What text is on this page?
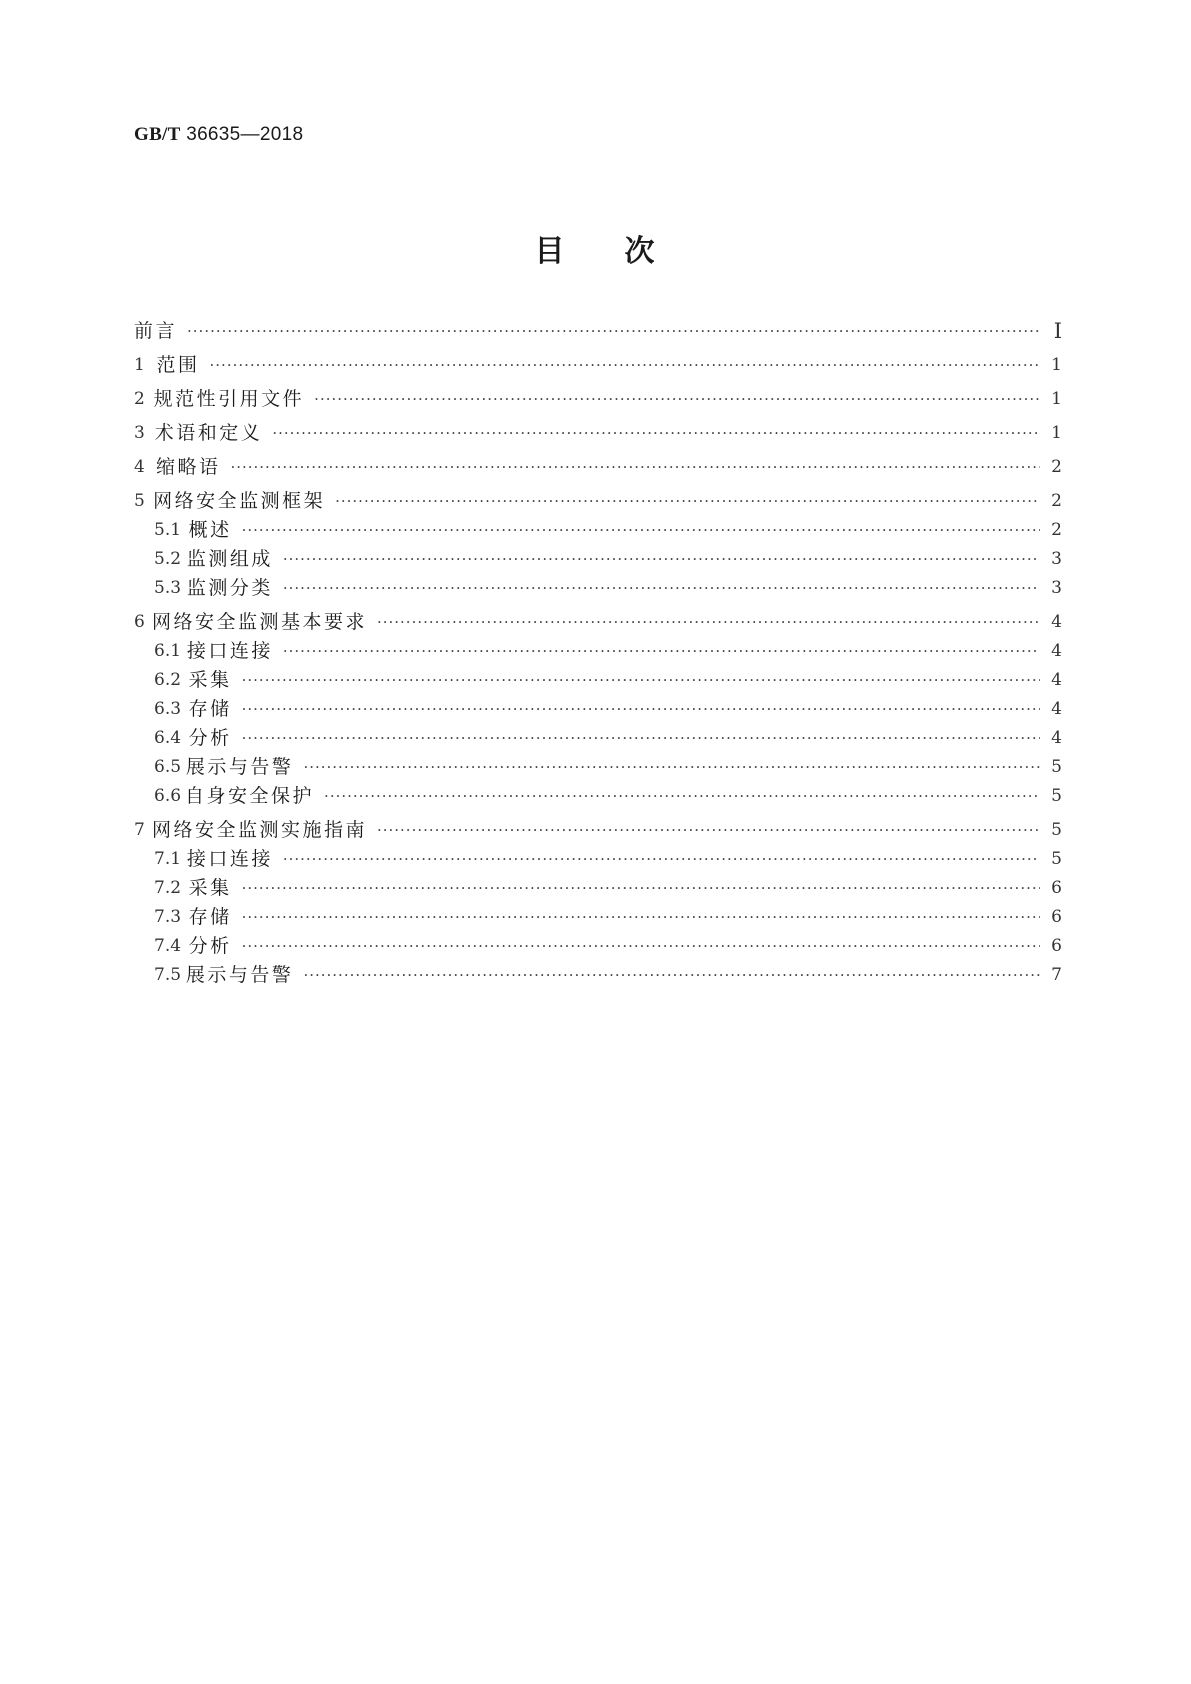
GB/T 36635—2018
目 次
前言 ·····	I
1 范围 ·····	1
2 规范性引用文件 ·····	1
3 术语和定义 ·····	1
4 缩略语 ·····	2
5 网络安全监测框架 ·····	2
5.1 概述 ·····	2
5.2 监测组成 ·····	3
5.3 监测分类 ·····	3
6 网络安全监测基本要求 ·····	4
6.1 接口连接 ·····	4
6.2 采集 ·····	4
6.3 存储 ·····	4
6.4 分析 ·····	4
6.5 展示与告警 ·····	5
6.6 自身安全保护 ·····	5
7 网络安全监测实施指南 ·····	5
7.1 接口连接 ·····	5
7.2 采集 ·····	6
7.3 存储 ·····	6
7.4 分析 ·····	6
7.5 展示与告警 ·····	7
